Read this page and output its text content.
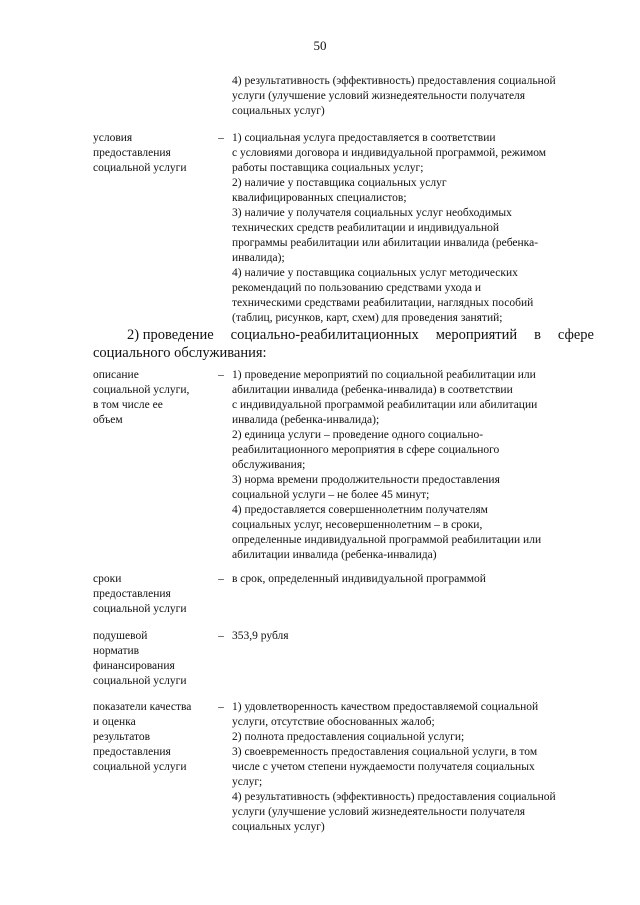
50
4) результативность (эффективность) предоставления социальной
услуги (улучшение условий жизнедеятельности получателя
социальных услуг)
условия
предоставления
социальной услуги
– 1) социальная услуга предоставляется в соответствии
с условиями договора и индивидуальной программой, режимом
работы поставщика социальных услуг;
2) наличие у поставщика социальных услуг
квалифицированных специалистов;
3) наличие у получателя социальных услуг необходимых
технических средств реабилитации и индивидуальной
программы реабилитации или абилитации инвалида (ребенка-
инвалида);
4) наличие у поставщика социальных услуг методических
рекомендаций по пользованию средствами ухода и
техническими средствами реабилитации, наглядных пособий
(таблиц, рисунков, карт, схем) для проведения занятий;
2) проведение социально-реабилитационных мероприятий в сфере
социального обслуживания:
описание
социальной услуги,
в том числе ее
объем
– 1) проведение мероприятий по социальной реабилитации или
абилитации инвалида (ребенка-инвалида) в соответствии
с индивидуальной программой реабилитации или абилитации
инвалида (ребенка-инвалида);
2) единица услуги – проведение одного социально-
реабилитационного мероприятия в сфере социального
обслуживания;
3) норма времени продолжительности предоставления
социальной услуги – не более 45 минут;
4) предоставляется совершеннолетним получателям
социальных услуг, несовершеннолетним – в сроки,
определенные индивидуальной программой реабилитации или
абилитации инвалида (ребенка-инвалида)
сроки
предоставления
социальной услуги
– в срок, определенный индивидуальной программой
подушевой
норматив
финансирования
социальной услуги
– 353,9 рубля
показатели качества
и оценка
результатов
предоставления
социальной услуги
– 1) удовлетворенность качеством предоставляемой социальной
услуги, отсутствие обоснованных жалоб;
2) полнота предоставления социальной услуги;
3) своевременность предоставления социальной услуги, в том
числе с учетом степени нуждаемости получателя социальных
услуг;
4) результативность (эффективность) предоставления социальной
услуги (улучшение условий жизнедеятельности получателя
социальных услуг)
